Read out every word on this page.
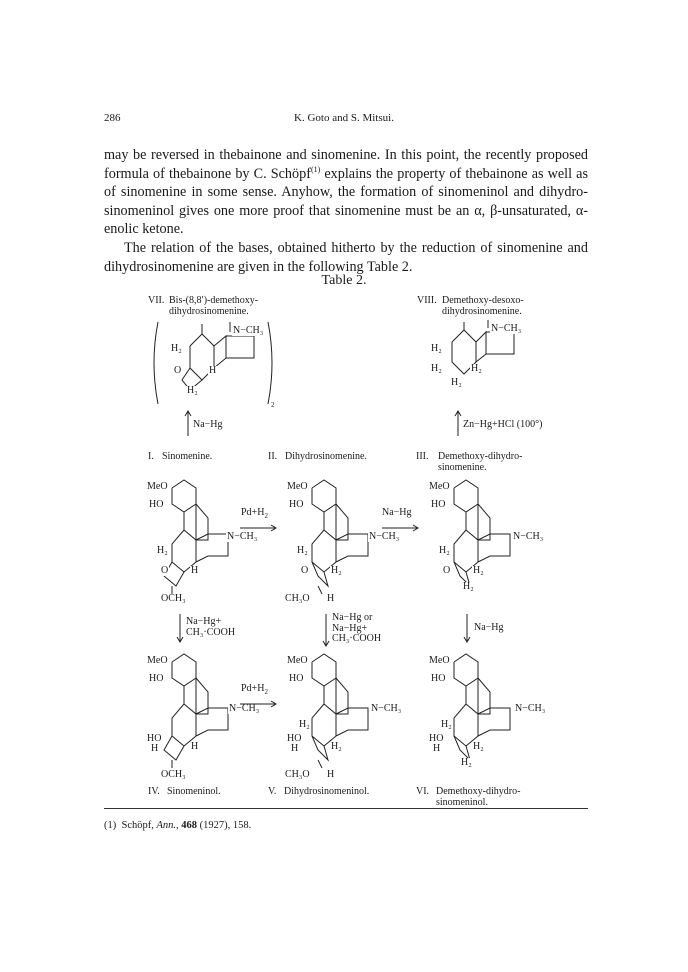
286	K. Goto and S. Mitsui.

may be reversed in thebainone and sinomenine. In this point, the recently proposed formula of thebainone by C. Schöpf$^{(1)}$ explains the property of thebainone as well as of sinomenine in some sense. Anyhow, the formation of sinomeninol and dihydro-sinomeninol gives one more proof that sinomenine must be an α, β-unsaturated, α-enolic ketone.

The relation of the bases, obtained hitherto by the reduction of sinomenine and dihydrosinomenine are given in the following Table 2.

Table 2.
VII. Bis-(8,8′)-demethoxy-
dihydrosinomenine.
VIII. Demethoxy-desoxo-
dihydrosinomenine.
I. Sinomenine.	II. Dihydrosinomenine.	III. Demethoxy-dihydro-
sinomenine.
IV. Sinomeninol.	V. Dihydrosinomeninol.	VI. Demethoxy-dihydro-
sinomeninol.
N−CH₃
H₂
O	H
H₂
2
N−CH₃
H₂
H₂	H₂
H₂
Na−Hg	Zn−Hg+HCl (100°)
MeO
HO
N−CH₃
H₂
O H
OCH₃
MeO
HO
N−CH₃
H₂
O H₂
CH₃O H
MeO
HO
N−CH₃
H₂
O H₂
H₂
$Pd+H_2$	Na−Hg
Na−Hg+
CH₃·COOH
Na−Hg or
Na−Hg+
CH₃·COOH
Na−Hg
MeO
HO
N−CH₃
HO
H	H
OCH₃
MeO
HO
N−CH₃
H₂
HO
H	H₂
CH₃O H
MeO
HO
N−CH₃
H₂
HO
H	H₂
H₂
$Pd+H_2$
(1) Schöpf, Ann., 468 (1927), 158.
